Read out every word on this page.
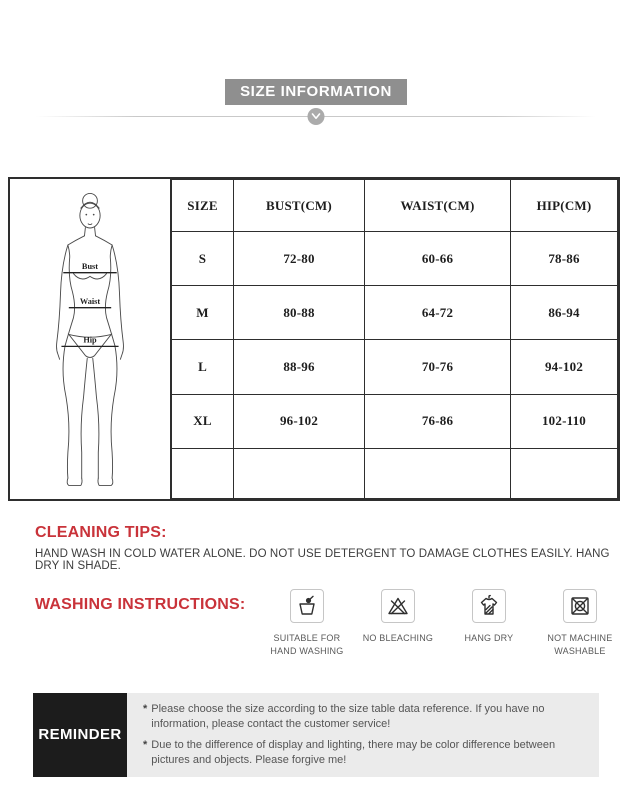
SIZE INFORMATION
Bust
Waist
Hip
SIZE	BUST(CM)	WAIST(CM)	HIP(CM)
S	72-80	60-66	78-86
M	80-88	64-72	86-94
L	88-96	70-76	94-102
XL	96-102	76-86	102-110

CLEANING TIPS:
HAND WASH IN COLD WATER ALONE. DO NOT USE DETERGENT TO DAMAGE CLOTHES EASILY. HANG DRY IN SHADE.
WASHING INSTRUCTIONS:
SUITABLE FOR HAND WASHING
NO BLEACHING	HANG DRY	NOT MACHINE WASHABLE
REMINDER
* Please choose the size according to the size table data reference. If you have no information, please contact the customer service!
* Due to the difference of display and lighting, there may be color difference between pictures and objects. Please forgive me!
